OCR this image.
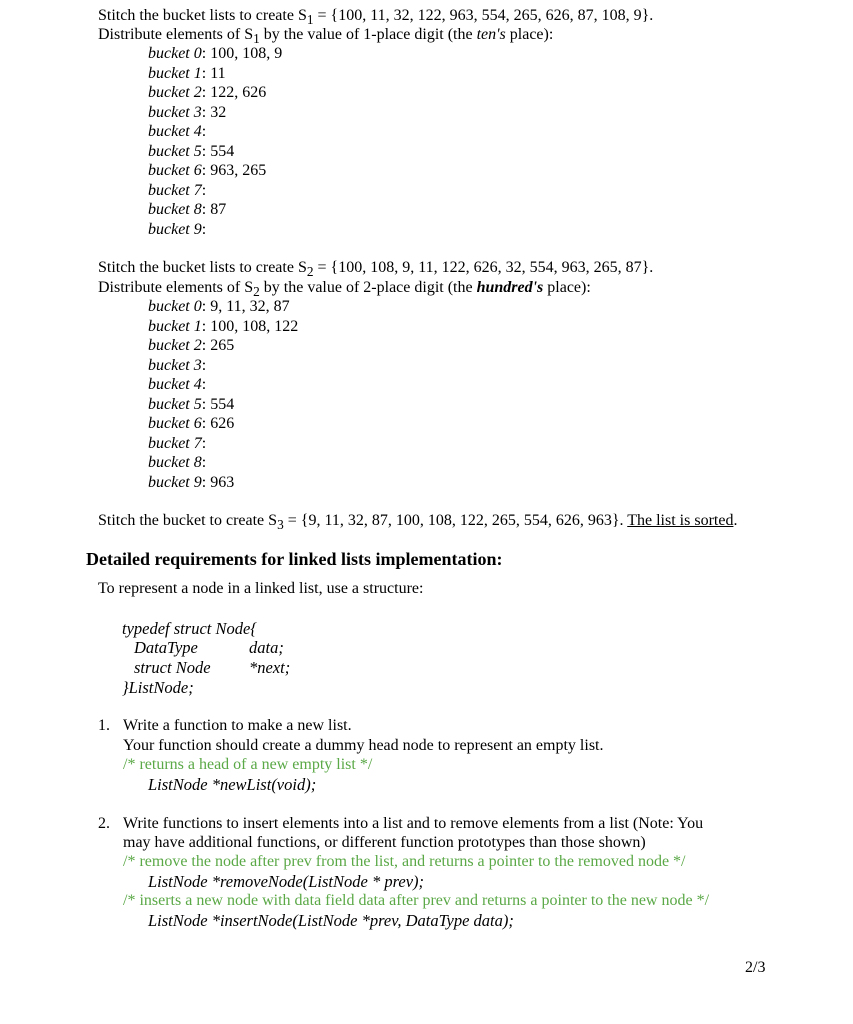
Stitch the bucket lists to create $S_1 = \{100$, 11, 32, 122, 963, 554, 265, 626, 87, 108, 9}.
Distribute elements of $S_1$ by the value of 1-place digit (the ten's place):
bucket 0: 100, 108, 9
bucket 1: 11
bucket 2: 122, 626
bucket 3: 32
bucket 4:
bucket 5: 554
bucket 6: 963, 265
bucket 7:
bucket 8: 87
bucket 9:
Stitch the bucket lists to create $S_2 = \{100$, 108, 9, 11, 122, 626, 32, 554, 963, 265, 87}.
Distribute elements of $S_2$ by the value of 2-place digit (the hundred's place):
bucket 0: 9, 11, 32, 87
bucket 1: 100, 108, 122
bucket 2: 265
bucket 3:
bucket 4:
bucket 5: 554
bucket 6: 626
bucket 7:
bucket 8:
bucket 9: 963
Stitch the bucket to create $S_3 = \{9$, 11, 32, 87, 100, 108, 122, 265, 554, 626, 963}. The list is sorted.
Detailed requirements for linked lists implementation:
To represent a node in a linked list, use a structure:
typedef struct Node{
DataType	data;
struct Node *next;
}ListNode;
1. Write a function to make a new list.
Your function should create a dummy head node to represent an empty list.
/* returns a head of a new empty list */
ListNode *newList(void);
2. Write functions to insert elements into a list and to remove elements from a list (Note: You
may have additional functions, or different function prototypes than those shown)
/* remove the node after prev from the list, and returns a pointer to the removed node */
ListNode *removeNode(ListNode * prev);
/* inserts a new node with data field data after prev and returns a pointer to the new node */
ListNode *insertNode(ListNode *prev, DataType data);
2/3
